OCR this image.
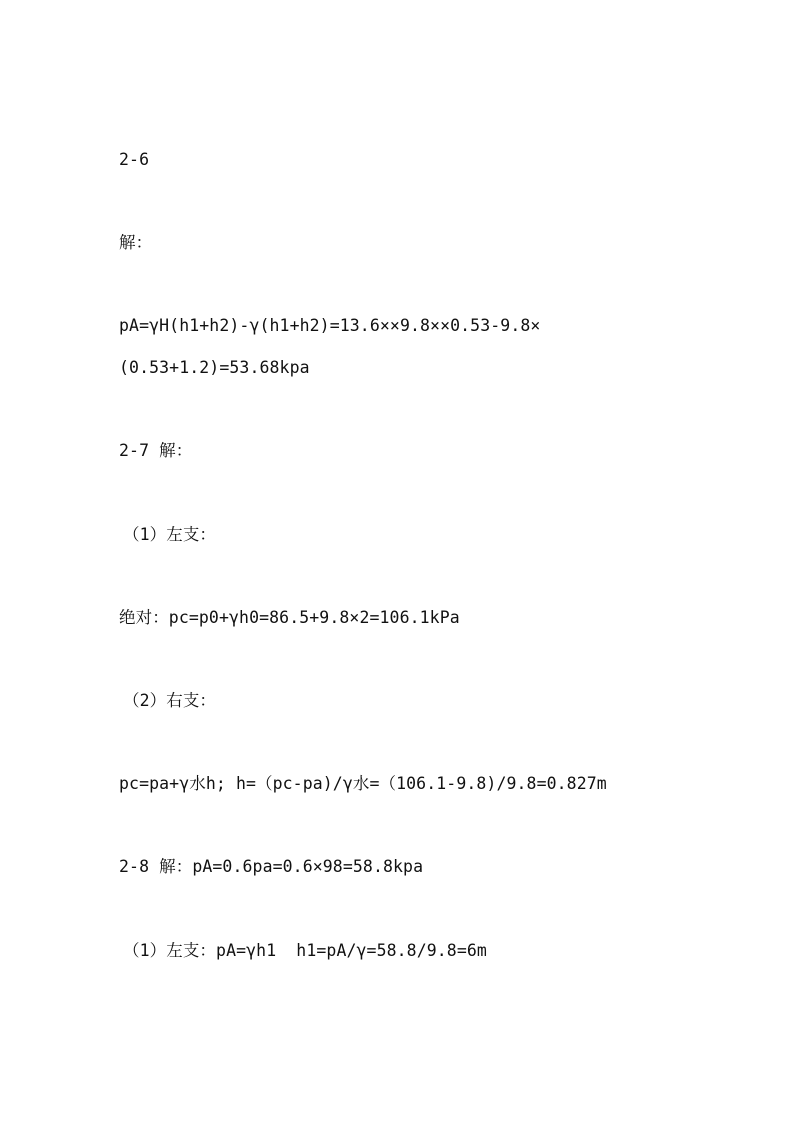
2-6
解：
pA=γH(h1+h2)-γ(h1+h2)=13.6××9.8××0.53-9.8×
(0.53+1.2)=53.68kpa
2-7 解：
（1）左支：
绝对：pc=p0+γh0=86.5+9.8×2=106.1kPa
（2）右支：
pc=pa+γ水h; h=（pc-pa)/γ水=（106.1-9.8)/9.8=0.827m
2-8 解：pA=0.6pa=0.6×98=58.8kpa
（1）左支：pA=γh1  h1=pA/γ=58.8/9.8=6m
